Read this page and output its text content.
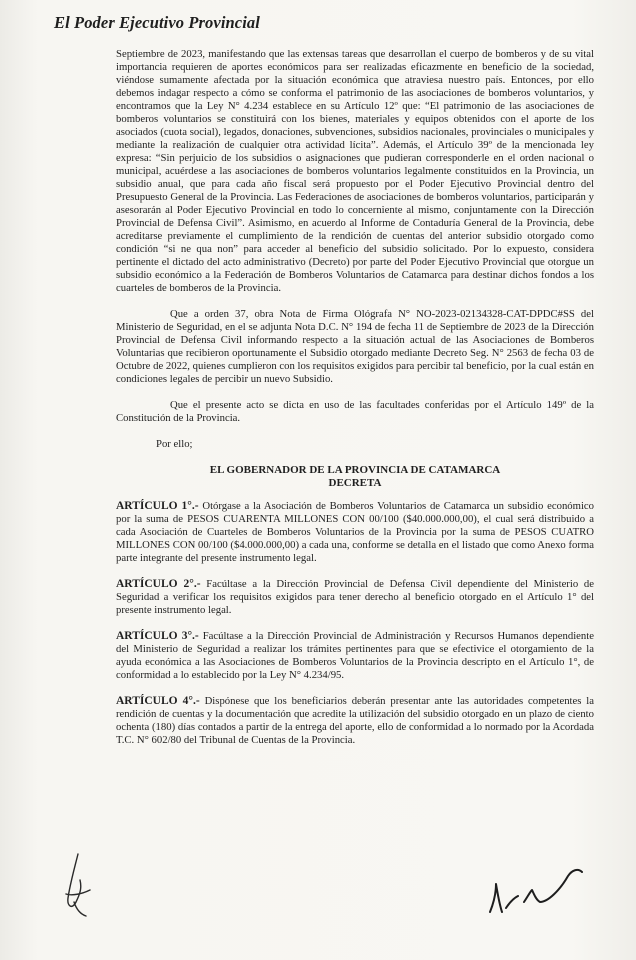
El Poder Ejecutivo Provincial

Septiembre de 2023, manifestando que las extensas tareas que desarrollan el cuerpo de bomberos y de su vital importancia requieren de aportes económicos para ser realizadas eficazmente en beneficio de la sociedad, viéndose sumamente afectada por la situación económica que atraviesa nuestro país. Entonces, por ello debemos indagar respecto a cómo se conforma el patrimonio de las asociaciones de bomberos voluntarios, y encontramos que la Ley N° 4.234 establece en su Artículo 12º que: “El patrimonio de las asociaciones de bomberos voluntarios se constituirá con los bienes, materiales y equipos obtenidos con el aporte de los asociados (cuota social), legados, donaciones, subvenciones, subsidios nacionales, provinciales o municipales y mediante la realización de cualquier otra actividad lícita”. Además, el Artículo 39º de la mencionada ley expresa: “Sin perjuicio de los subsidios o asignaciones que pudieran corresponderle en el orden nacional o municipal, acuérdese a las asociaciones de bomberos voluntarios legalmente constituidos en la Provincia, un subsidio anual, que para cada año fiscal será propuesto por el Poder Ejecutivo Provincial dentro del Presupuesto General de la Provincia. Las Federaciones de asociaciones de bomberos voluntarios, participarán y asesorarán al Poder Ejecutivo Provincial en todo lo concerniente al mismo, conjuntamente con la Dirección Provincial de Defensa Civil”. Asimismo, en acuerdo al Informe de Contaduría General de la Provincia, debe acreditarse previamente el cumplimiento de la rendición de cuentas del anterior subsidio otorgado como condición “si ne qua non” para acceder al beneficio del subsidio solicitado. Por lo expuesto, considera pertinente el dictado del acto administrativo (Decreto) por parte del Poder Ejecutivo Provincial que otorgue un subsidio económico a la Federación de Bomberos Voluntarios de Catamarca para destinar dichos fondos a los cuarteles de bomberos de la Provincia.

Que a orden 37, obra Nota de Firma Ológrafa N° NO-2023-02134328-CAT-DPDC#SS del Ministerio de Seguridad, en el se adjunta Nota D.C. N° 194 de fecha 11 de Septiembre de 2023 de la Dirección Provincial de Defensa Civil informando respecto a la situación actual de las Asociaciones de Bomberos Voluntarias que recibieron oportunamente el Subsidio otorgado mediante Decreto Seg. N° 2563 de fecha 03 de Octubre de 2022, quienes cumplieron con los requisitos exigidos para percibir tal beneficio, por la cual están en condiciones legales de percibir un nuevo Subsidio.

Que el presente acto se dicta en uso de las facultades conferidas por el Artículo 149º de la Constitución de la Provincia.

Por ello;

EL GOBERNADOR DE LA PROVINCIA DE CATAMARCA
DECRETA

ARTÍCULO 1°.- Otórgase a la Asociación de Bomberos Voluntarios de Catamarca un subsidio económico por la suma de PESOS CUARENTA MILLONES CON 00/100 ($40.000.000,00), el cual será distribuido a cada Asociación de Cuarteles de Bomberos Voluntarios de la Provincia por la suma de PESOS CUATRO MILLONES CON 00/100 ($4.000.000,00) a cada una, conforme se detalla en el listado que como Anexo forma parte integrante del presente instrumento legal.

ARTÍCULO 2°.- Facúltase a la Dirección Provincial de Defensa Civil dependiente del Ministerio de Seguridad a verificar los requisitos exigidos para tener derecho al beneficio otorgado en el Artículo 1° del presente instrumento legal.

ARTÍCULO 3°.- Facúltase a la Dirección Provincial de Administración y Recursos Humanos dependiente del Ministerio de Seguridad a realizar los trámites pertinentes para que se efectivice el otorgamiento de la ayuda económica a las Asociaciones de Bomberos Voluntarios de la Provincia descripto en el Artículo 1°, de conformidad a lo establecido por la Ley N° 4.234/95.

ARTÍCULO 4°.- Dispónese que los beneficiarios deberán presentar ante las autoridades competentes la rendición de cuentas y la documentación que acredite la utilización del subsidio otorgado en un plazo de ciento ochenta (180) días contados a partir de la entrega del aporte, ello de conformidad a lo normado por la Acordada T.C. N° 602/80 del Tribunal de Cuentas de la Provincia.
